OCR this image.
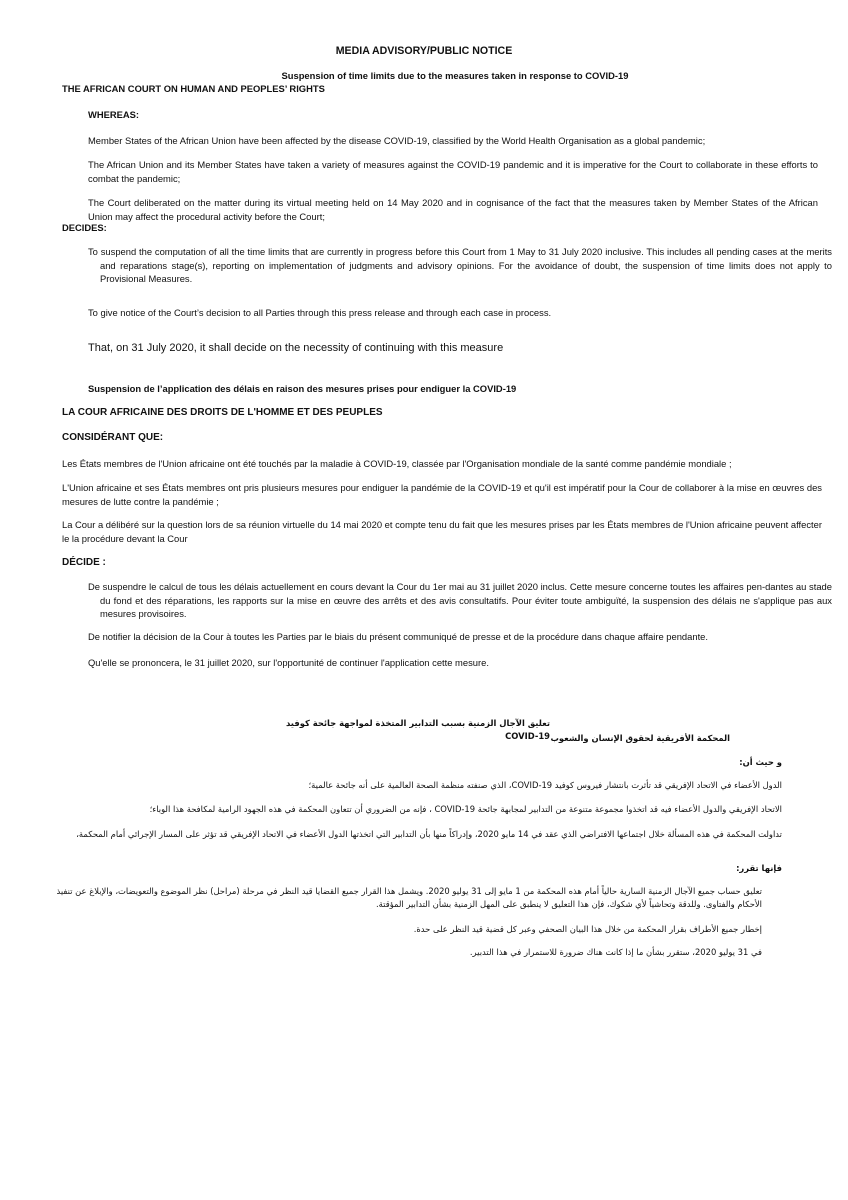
MEDIA ADVISORY/PUBLIC NOTICE

Suspension of time limits due to the measures taken in response to COVID-19

THE AFRICAN COURT ON HUMAN AND PEOPLES’ RIGHTS

WHEREAS:

Member States of the African Union have been affected by the disease COVID-19, classified by the World Health Organisation as a global pandemic;

The African Union and its Member States have taken a variety of measures against the COVID-19 pandemic and it is imperative for the Court to collaborate in these efforts to combat the pandemic;

The Court deliberated on the matter during its virtual meeting held on 14 May 2020 and in cognisance of the fact that the measures taken by Member States of the African Union may affect the procedural activity before the Court;

DECIDES:

To suspend the computation of all the time limits that are currently in progress before this Court from 1 May to 31 July 2020 inclusive. This includes all pending cases at the merits and reparations stage(s), reporting on implementation of judgments and advisory opinions. For the avoidance of doubt, the suspension of time limits does not apply to Provisional Measures.

To give notice of the Court’s decision to all Parties through this press release and through each case in process.

That, on 31 July 2020, it shall decide on the necessity of continuing with this measure

Suspension de l’application des délais en raison des mesures prises pour endiguer la COVID-19

LA COUR AFRICAINE DES DROITS DE L'HOMME ET DES PEUPLES

CONSIDÉRANT QUE:

Les États membres de l'Union africaine ont été touchés par la maladie à COVID-19, classée par l'Organisation mondiale de la santé comme pandémie mondiale ;

L'Union africaine et ses États membres ont pris plusieurs mesures pour endiguer la pandémie de la COVID-19 et qu'il est impératif pour la Cour de collaborer à la mise en œuvres des mesures de lutte contre la pandémie ;

La Cour a délibéré sur la question lors de sa réunion virtuelle du 14 mai 2020 et compte tenu du fait que les mesures prises par les États membres de l'Union africaine peuvent affecter le la procédure devant la Cour

DÉCIDE :

De suspendre le calcul de tous les délais actuellement en cours devant la Cour du 1er mai au 31 juillet 2020 inclus. Cette mesure concerne toutes les affaires pen-dantes au stade du fond et des réparations, les rapports sur la mise en œuvre des arrêts et des avis consultatifs. Pour éviter toute ambiguïté, la suspension des délais ne s'applique pas aux mesures provisoires.

De notifier la décision de la Cour à toutes les Parties par le biais du présent communiqué de presse et de la procédure dans chaque affaire pendante.

Qu'elle se prononcera, le 31 juillet 2020, sur l'opportunité de continuer l'application cette mesure.

تعليق الآجال الزمنية بسبب التدابير المتخذة لمواجهة جائحة كوفيد COVID-19 المحكمة الأفريقية لحقوق الإنسان والشعوب

و حيث أن:

الدول الأعضاء في الاتحاد الإفريقي قد تأثرت بانتشار فيروس كوفيد COVID-19، الذي صنفته منظمة الصحة العالمية على أنه جائحة عالمية؛

الاتحاد الإفريقي والدول الأعضاء فيه قد اتخذوا مجموعة متنوعة من التدابير لمجابهة جائحة COVID-19 ، فإنه من الضروري أن تتعاون المحكمة في هذه الجهود الرامية لمكافحة هذا الوباء؛

تداولت المحكمة في هذه المسألة خلال اجتماعها الافتراضي الذي عقد في 14 مايو 2020، وإدراكاً منها بأن التدابير التي اتخذتها الدول الأعضاء في الاتحاد الإفريقي قد تؤثر على المسار الإجرائي أمام المحكمة،

فإنها تقرر:

تعليق حساب جميع الآجال الزمنية السارية حالياً أمام هذه المحكمة من 1 مايو إلى 31 يوليو 2020. ويشمل هذا القرار جميع القضايا قيد النظر في مرحلة (مراحل) نظر الموضوع والتعويضات، والإبلاغ عن تنفيذ الأحكام والفتاوى. وللدقة وتحاشياً لأي شكوك، فإن هذا التعليق لا ينطبق على المهل الزمنية بشأن التدابير المؤقتة.

إخطار جميع الأطراف بقرار المحكمة من خلال هذا البيان الصحفي وعبر كل قضية قيد النظر على حدة.

في 31 يوليو 2020، ستقرر بشأن ما إذا كانت هناك ضرورة للاستمرار في هذا التدبير.
